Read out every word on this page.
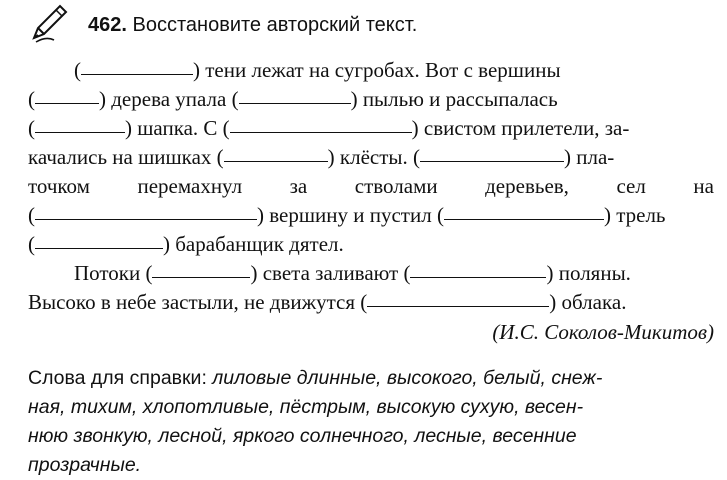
462. Восстановите авторский текст.
(	) тени лежат на сугробах. Вот с вершины
(	) дерева упала (	) пылью и рассыпалась
(	) шапка. С (	) свистом прилетели, за-
качались на шишках (	) клёсты. (	) пла-
точком перемахнул за стволами деревьев, сел на
(	) вершину и пустил (	) трель
(	) барабанщик дятел.
Потоки (	) света заливают (	) поляны.
Высоко в небе застыли, не движутся (	) облака.
(И.С. Соколов-Микитов)
Слова для справки: лиловые длинные, высокого, белый, снеж-
ная, тихим, хлопотливые, пёстрым, высокую сухую, весен-
нюю звонкую, лесной, яркого солнечного, лесные, весенние
прозрачные.
